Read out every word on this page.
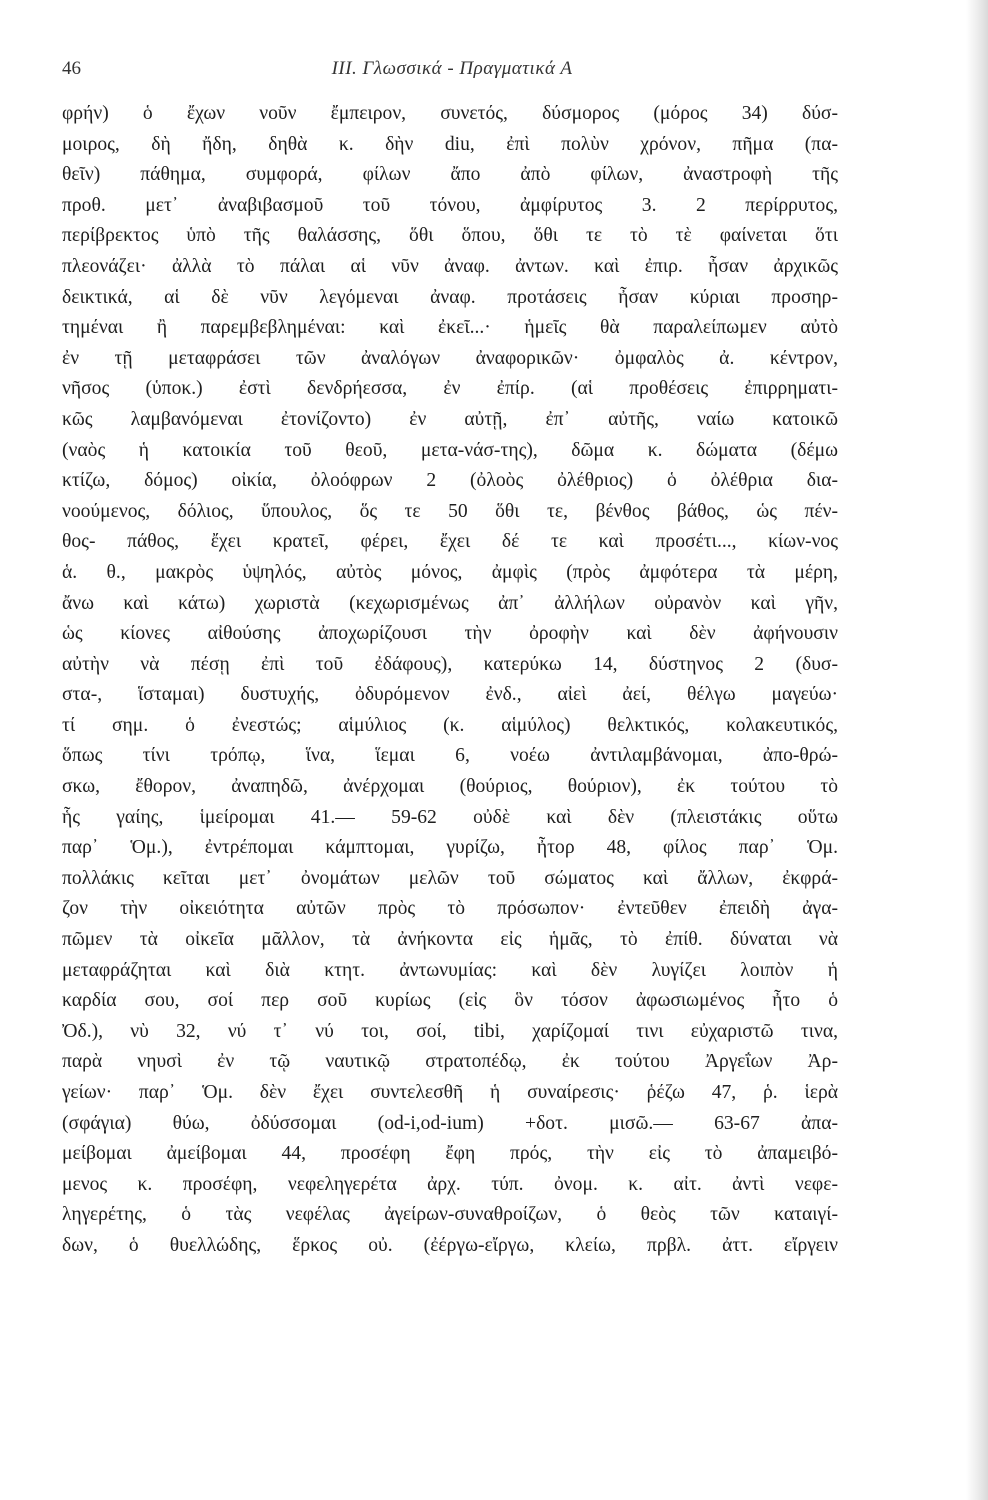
46	III. Γλωσσικά - Πραγματικά Α
φρήν) ὁ ἔχων νοῦν ἔμπειρον, συνετός, δύσμορος (μόρος 34) δύσ-
μοιρος, δὴ ἤδη, δηθὰ κ. δὴν diu, ἐπὶ πολὺν χρόνον, πῆμα (πα-
θεῖν) πάθημα, συμφορά, φίλων ἄπο ἀπὸ φίλων, ἀναστροφὴ τῆς
προθ. μετ᾿ ἀναβιβασμοῦ τοῦ τόνου, ἀμφίρυτος 3. 2 περίρρυτος,
περίβρεκτος ὑπὸ τῆς θαλάσσης, ὅθι ὅπου, ὅθι τε τὸ τὲ φαίνεται ὅτι
πλεονάζει· ἀλλὰ τὸ πάλαι αἱ νῦν ἀναφ. ἀντων. καὶ ἐπιρ. ἦσαν ἀρχικῶς
δεικτικά, αἱ δὲ νῦν λεγόμεναι ἀναφ. προτάσεις ἦσαν κύριαι προσηρ-
τημέναι ἢ παρεμβεβλημέναι: καὶ ἐκεῖ...· ἡμεῖς θὰ παραλείπωμεν αὐτὸ
ἐν τῇ μεταφράσει τῶν ἀναλόγων ἀναφορικῶν· ὀμφαλὸς ἀ. κέντρον,
νῆσος (ὑποκ.) ἐστὶ δενδρήεσσα, ἐν ἐπίρ. (αἱ προθέσεις ἐπιρρηματι-
κῶς λαμβανόμεναι ἐτονίζοντο) ἐν αὐτῇ, ἐπ᾿ αὐτῆς, ναίω κατοικῶ
(ναὸς ἡ κατοικία τοῦ θεοῦ, μετα-νάσ-της), δῶμα κ. δώματα (δέμω
κτίζω, δόμος) οἰκία, ὀλοόφρων 2 (ὀλοὸς ὀλέθριος) ὁ ὀλέθρια δια-
νοούμενος, δόλιος, ὕπουλος, ὅς τε 50 ὅθι τε, βένθος βάθος, ὡς πέν-
θος- πάθος, ἔχει κρατεῖ, φέρει, ἔχει δέ τε καὶ προσέτι..., κίων-νος
ἁ. θ., μακρὸς ὑψηλός, αὐτὸς μόνος, ἀμφὶς (πρὸς ἀμφότερα τὰ μέρη,
ἄνω καὶ κάτω) χωριστὰ (κεχωρισμένως ἀπ᾿ ἀλλήλων οὐρανὸν καὶ γῆν,
ὡς κίονες αἰθούσης ἀποχωρίζουσι τὴν ὀροφὴν καὶ δὲν ἀφήνουσιν
αὐτὴν νὰ πέσῃ ἐπὶ τοῦ ἐδάφους), κατερύκω 14, δύστηνος 2 (δυσ-
στα-, ἵσταμαι) δυστυχής, ὀδυρόμενον ἐνδ., αἰεὶ ἀεί, θέλγω μαγεύω·
τί σημ. ὁ ἐνεστώς; αἱμύλιος (κ. αἱμύλος) θελκτικός, κολακευτικός,
ὅπως τίνι τρόπῳ, ἵνα, ἵεμαι 6, νοέω ἀντιλαμβάνομαι, ἀπο-θρώ-
σκω, ἔθορον, ἀναπηδῶ, ἀνέρχομαι (θούριος, θούριον), ἐκ τούτου τὸ
ἧς γαίης, ἱμείρομαι 41.— 59-62 οὐδὲ καὶ δὲν (πλειστάκις οὕτω
παρ᾿ Ὁμ.), ἐντρέπομαι κάμπτομαι, γυρίζω, ἦτορ 48, φίλος παρ᾿ Ὁμ.
πολλάκις κεῖται μετ᾿ ὀνομάτων μελῶν τοῦ σώματος καὶ ἄλλων, ἐκφρά-
ζον τὴν οἰκειότητα αὐτῶν πρὸς τὸ πρόσωπον· ἐντεῦθεν ἐπειδὴ ἀγα-
πῶμεν τὰ οἰκεῖα μᾶλλον, τὰ ἀνήκοντα εἰς ἡμᾶς, τὸ ἐπίθ. δύναται νὰ
μεταφράζηται καὶ διὰ κτητ. ἀντωνυμίας: καὶ δὲν λυγίζει λοιπὸν ἡ
καρδία σου, σοί περ σοῦ κυρίως (εἰς ὃν τόσον ἀφωσιωμένος ἦτο ὁ
Ὀδ.), νὺ 32, νύ τ᾿ νύ τοι, σοί, tibi, χαρίζομαί τινι εὐχαριστῶ τινα,
παρὰ νηυσὶ ἐν τῷ ναυτικῷ στρατοπέδῳ, ἐκ τούτου Ἀργεΐων Ἀρ-
γείων· παρ᾿ Ὁμ. δὲν ἔχει συντελεσθῆ ἡ συναίρεσις· ῥέζω 47, ῥ. ἱερὰ
(σφάγια) θύω, ὀδύσσομαι (od-i,od-ium) +δοτ. μισῶ.— 63-67 ἀπα-
μείβομαι ἀμείβομαι 44, προσέφη ἔφη πρός, τὴν εἰς τὸ ἀπαμειβό-
μενος κ. προσέφη, νεφεληγερέτα ἀρχ. τύπ. ὀνομ. κ. αἰτ. ἀντὶ νεφε-
ληγερέτης, ὁ τὰς νεφέλας ἀγείρων-συναθροίζων, ὁ θεὸς τῶν καταιγί-
δων, ὁ θυελλώδης, ἕρκος οὐ. (ἐέργω-εἴργω, κλείω, πρβλ. ἀττ. εἴργειν
